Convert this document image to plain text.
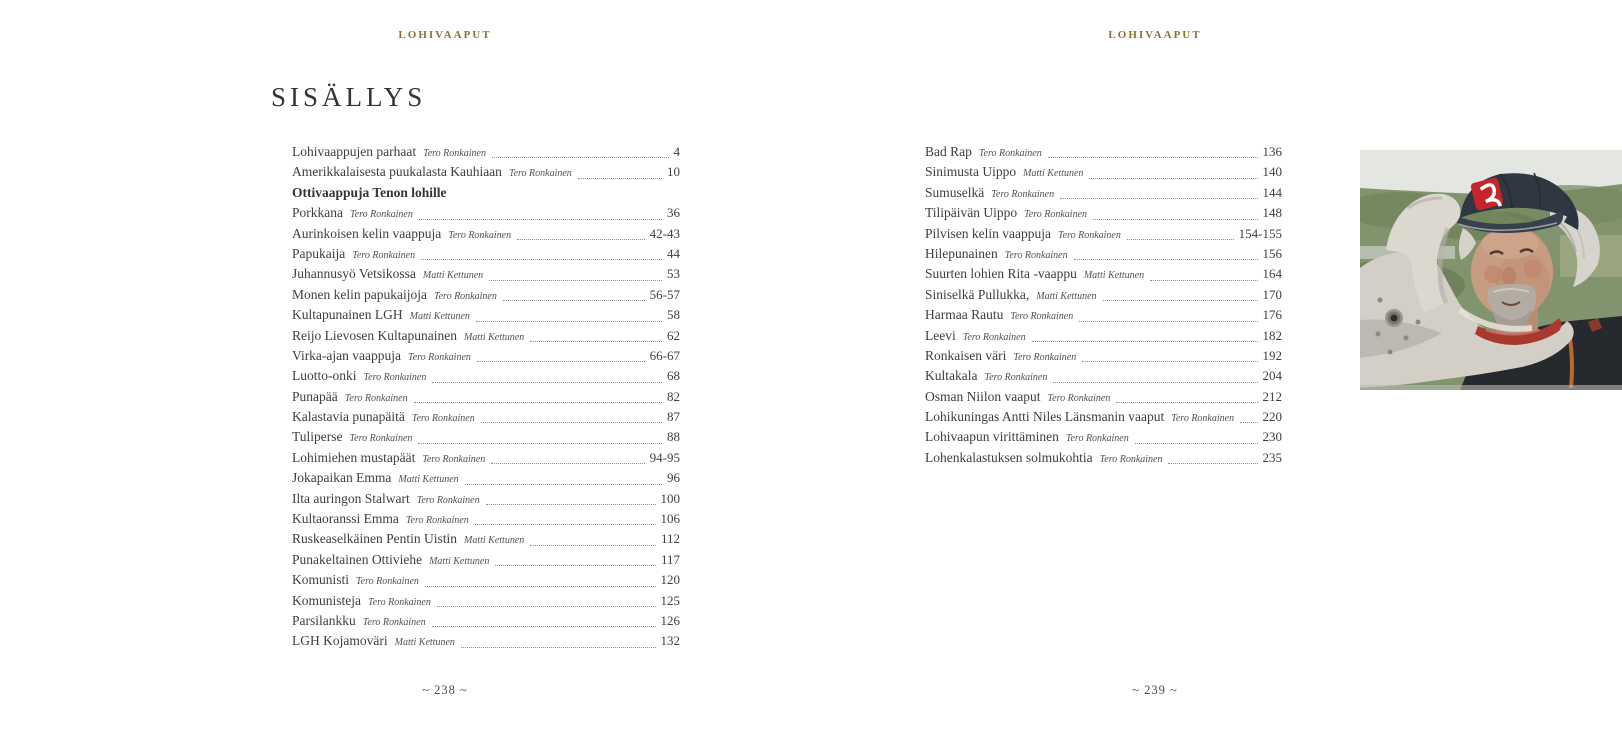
LOHIVAAPUT	LOHIVAAPUT
SISÄLLYS
Lohivaappujen parhaat Tero Ronkainen	4
Amerikkalaisesta puukalasta Kauhiaan Tero Ronkainen	10
Ottivaappuja Tenon lohille
Porkkana Tero Ronkainen	36
Aurinkoisen kelin vaappuja Tero Ronkainen	42-43
Papukaija Tero Ronkainen	44
Juhannusyö Vetsikossa Matti Kettunen	53
Monen kelin papukaijoja Tero Ronkainen	56-57
Kultapunainen LGH Matti Kettunen	58
Reijo Lievosen Kultapunainen Matti Kettunen	62
Virka-ajan vaappuja Tero Ronkainen	66-67
Luotto-onki Tero Ronkainen	68
Punapää Tero Ronkainen	82
Kalastavia punapäitä Tero Ronkainen	87
Tuliperse Tero Ronkainen	88
Lohimiehen mustapäät Tero Ronkainen	94-95
Jokapaikan Emma Matti Kettunen	96
Ilta auringon Stalwart Tero Ronkainen	100
Kultaoranssi Emma Tero Ronkainen	106
Ruskeaselkäinen Pentin Uistin Matti Kettunen	112
Punakeltainen Ottiviehe Matti Kettunen	117
Komunisti Tero Ronkainen	120
Komunisteja Tero Ronkainen	125
Parsilankku Tero Ronkainen	126
LGH Kojamoväri Matti Kettunen	132
Bad Rap Tero Ronkainen	136
Sinimusta Uippo Matti Kettunen	140
Sumuselkä Tero Ronkainen	144
Tilipäivän Uippo Tero Ronkainen	148
Pilvisen kelin vaappuja Tero Ronkainen	154-155
Hilepunainen Tero Ronkainen	156
Suurten lohien Rita -vaappu Matti Kettunen	164
Siniselkä Pullukka, Matti Kettunen	170
Harmaa Rautu Tero Ronkainen	176
Leevi Tero Ronkainen	182
Ronkaisen väri Tero Ronkainen	192
Kultakala Tero Ronkainen	204
Osman Niilon vaaput Tero Ronkainen	212
Lohikuningas Antti Niles Länsmanin vaaput Tero Ronkainen 220
Lohivaapun virittäminen Tero Ronkainen	230
Lohenkalastuksen solmukohtia Tero Ronkainen	235
~ 238 ~	~ 239 ~
